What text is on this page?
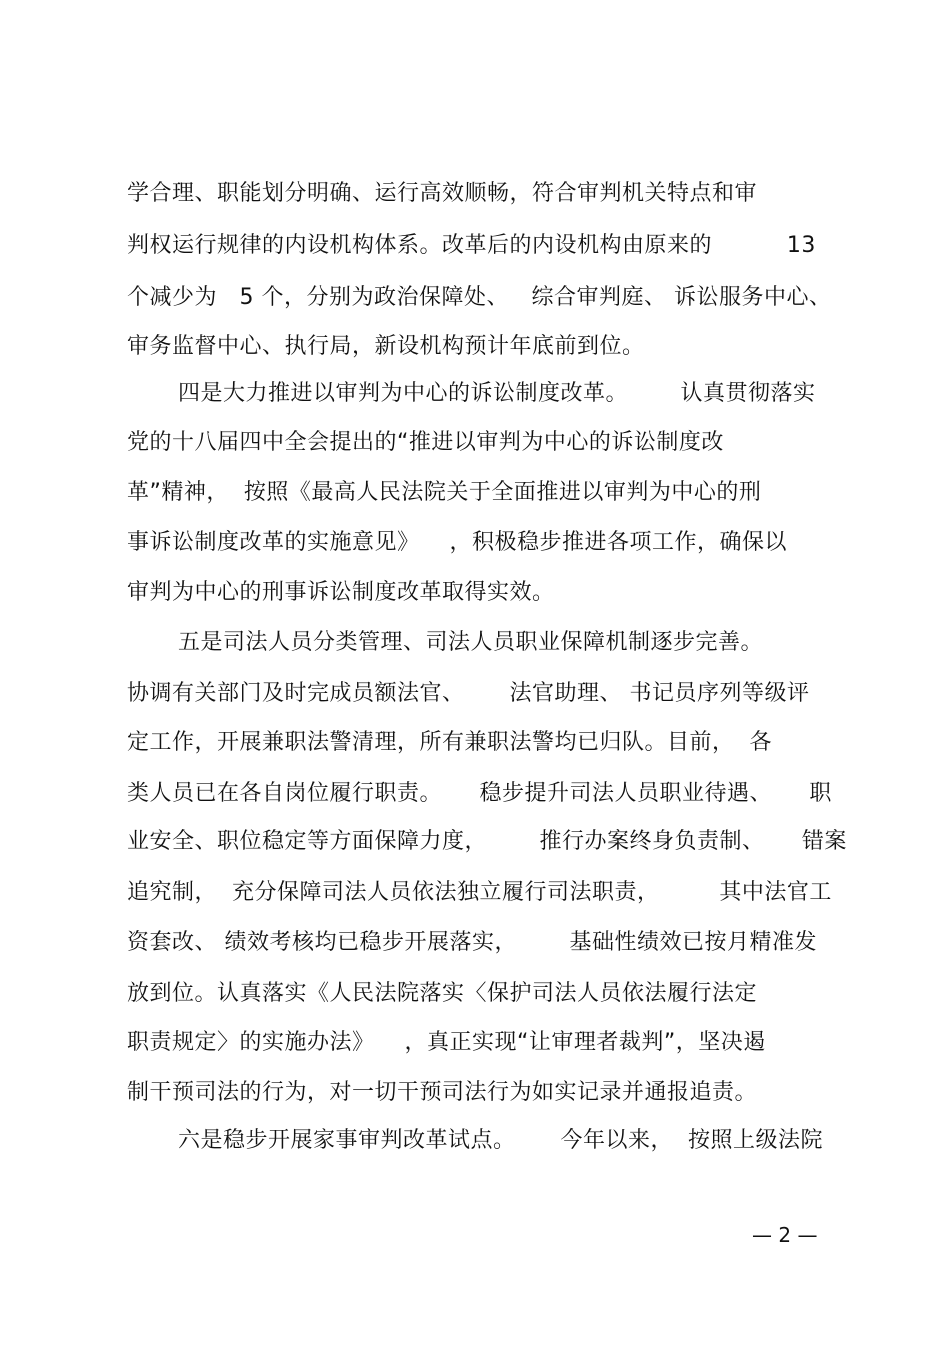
学合理、职能划分明确、运行高效顺畅，符合审判机关特点和审
判权运行规律的内设机构体系。改革后的内设机构由原来的          13
个减少为   5 个，分别为政治保障处、   综合审判庭、 诉讼服务中心、
审务监督中心、执行局，新设机构预计年底前到位。
四是大力推进以审判为中心的诉讼制度改革。       认真贯彻落实
党的十八届四中全会提出的“推进以审判为中心的诉讼制度改
革”精神，  按照《最高人民法院关于全面推进以审判为中心的刑
事诉讼制度改革的实施意见》    ，积极稳步推进各项工作，确保以
审判为中心的刑事诉讼制度改革取得实效。
五是司法人员分类管理、司法人员职业保障机制逐步完善。
协调有关部门及时完成员额法官、      法官助理、 书记员序列等级评
定工作，开展兼职法警清理，所有兼职法警均已归队。目前，  各
类人员已在各自岗位履行职责。     稳步提升司法人员职业待遇、     职
业安全、职位稳定等方面保障力度，       推行办案终身负责制、     错案
追究制，  充分保障司法人员依法独立履行司法职责，        其中法官工
资套改、 绩效考核均已稳步开展落实，       基础性绩效已按月精准发
放到位。认真落实《人民法院落实〈保护司法人员依法履行法定
职责规定〉的实施办法》    ，真正实现“让审理者裁判”，坚决遏
制干预司法的行为，对一切干预司法行为如实记录并通报追责。
六是稳步开展家事审判改革试点。      今年以来，  按照上级法院
— 2 —
